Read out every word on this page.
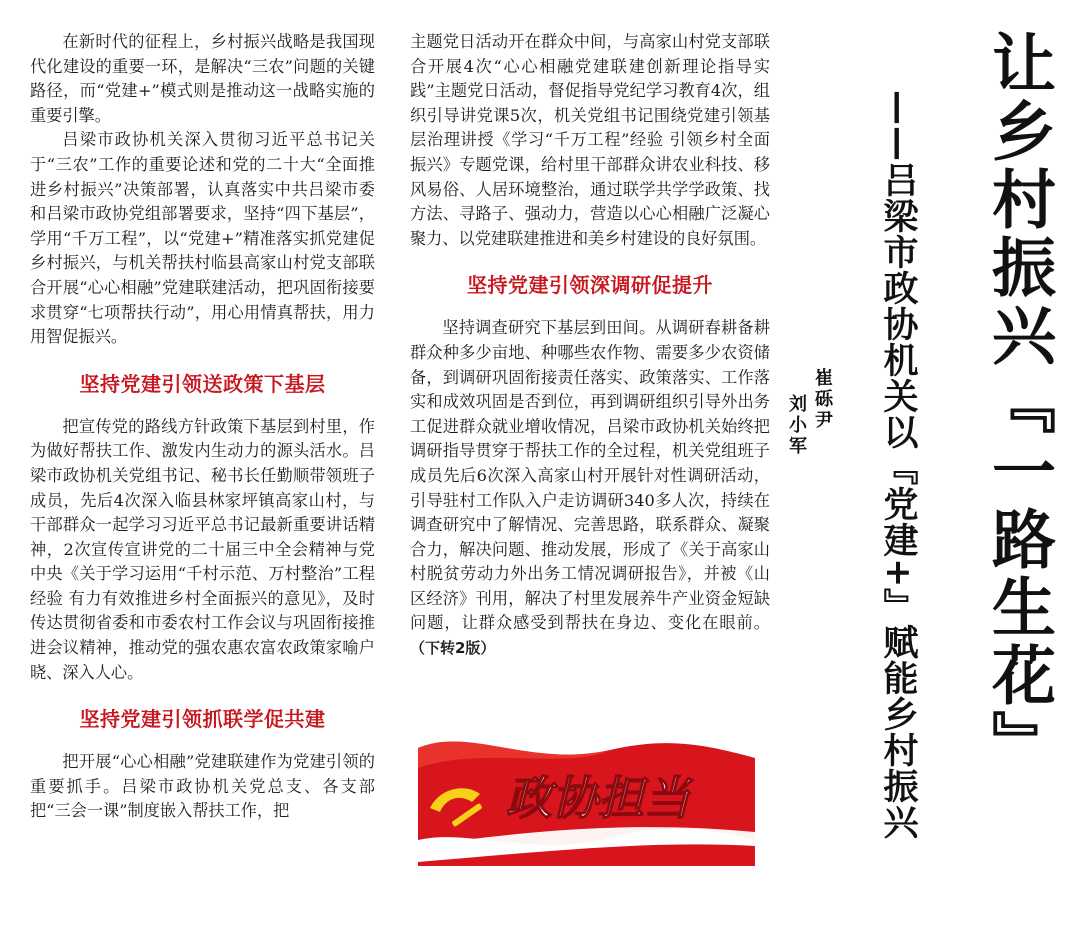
在新时代的征程上，乡村振兴战略是我国现代化建设的重要一环，是解决“三农”问题的关键路径，而“党建+”模式则是推动这一战略实施的重要引擎。

吕梁市政协机关深入贯彻习近平总书记关于“三农”工作的重要论述和党的二十大“全面推进乡村振兴”决策部署，认真落实中共吕梁市委和吕梁市政协党组部署要求，坚持“四下基层”，学用“千万工程”，以“党建+”精准落实抓党建促乡村振兴，与机关帮扶村临县高家山村党支部联合开展“心心相融”党建联建活动，把巩固衔接要求贯穿“七项帮扶行动”，用心用情真帮扶，用力用智促振兴。

坚持党建引领送政策下基层

把宣传党的路线方针政策下基层到村里，作为做好帮扶工作、激发内生动力的源头活水。吕梁市政协机关党组书记、秘书长任勤顺带领班子成员，先后4次深入临县林家坪镇高家山村，与干部群众一起学习习近平总书记最新重要讲话精神，2次宣传宣讲党的二十届三中全会精神与党中央《关于学习运用“千村示范、万村整治”工程经验 有力有效推进乡村全面振兴的意见》，及时传达贯彻省委和市委农村工作会议与巩固衔接推进会议精神，推动党的强农惠农富农政策家喻户晓、深入人心。

坚持党建引领抓联学促共建

把开展“心心相融”党建联建作为党建引领的重要抓手。吕梁市政协机关党总支、各支部把“三会一课”制度嵌入帮扶工作，把

主题党日活动开在群众中间，与高家山村党支部联合开展4次“心心相融党建联建创新理论指导实践”主题党日活动，督促指导党纪学习教育4次，组织引导讲党课5次，机关党组书记围绕党建引领基层治理讲授《学习“千万工程”经验 引领乡村全面振兴》专题党课，给村里干部群众讲农业科技、移风易俗、人居环境整治，通过联学共学学政策、找方法、寻路子、强动力，营造以心心相融广泛凝心聚力、以党建联建推进和美乡村建设的良好氛围。

坚持党建引领深调研促提升

坚持调查研究下基层到田间。从调研春耕备耕群众种多少亩地、种哪些农作物、需要多少农资储备，到调研巩固衔接责任落实、政策落实、工作落实和成效巩固是否到位，再到调研组织引导外出务工促进群众就业增收情况，吕梁市政协机关始终把调研指导贯穿于帮扶工作的全过程，机关党组班子成员先后6次深入高家山村开展针对性调研活动，引导驻村工作队入户走访调研340多人次，持续在调查研究中了解情况、完善思路，联系群众、凝聚合力，解决问题、推动发展，形成了《关于高家山村脱贫劳动力外出务工情况调研报告》，并被《山区经济》刊用，解决了村里发展养牛产业资金短缺问题，让群众感受到帮扶在身边、变化在眼前。（下转2版）

政协担当
让乡村振兴『一路生花』
——吕梁市政协机关以『党建+』赋能乡村振兴
崔砾尹
刘小军
